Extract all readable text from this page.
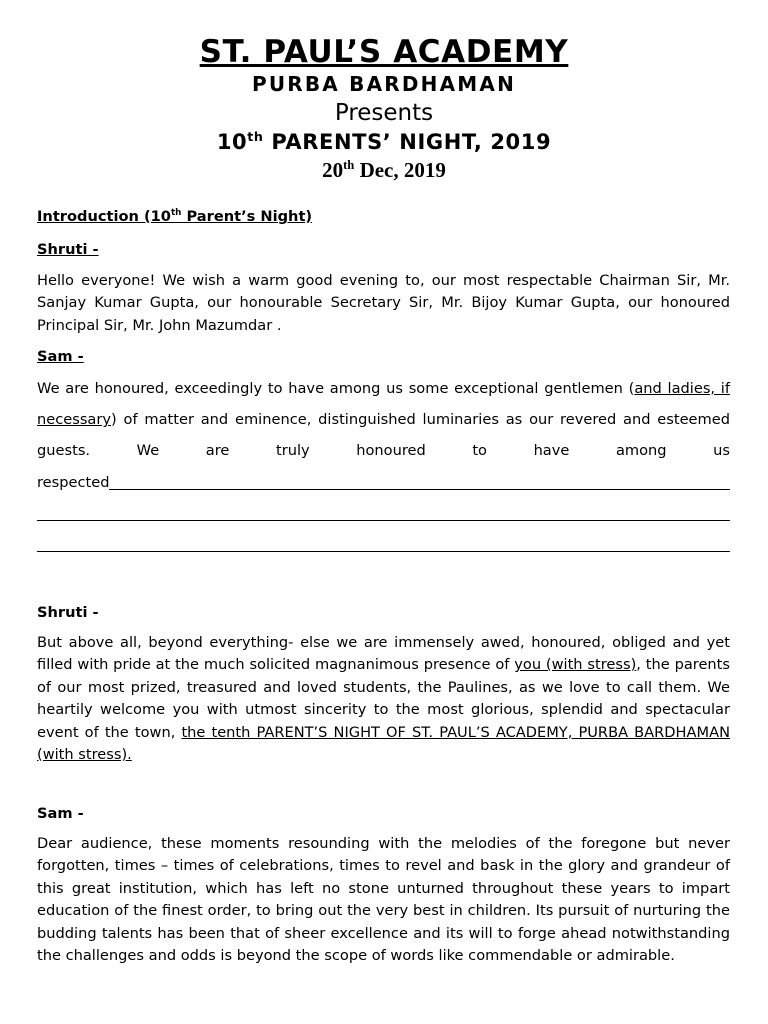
ST. PAUL’S ACADEMY
PURBA BARDHAMAN
Presents
10th PARENTS’ NIGHT, 2019
20th Dec, 2019
Introduction (10th Parent’s Night)
Shruti -
Hello everyone! We wish a warm good evening to, our most respectable Chairman Sir, Mr. Sanjay Kumar Gupta, our honourable Secretary Sir, Mr. Bijoy Kumar Gupta, our honoured Principal Sir, Mr. John Mazumdar .
Sam -
We are honoured, exceedingly to have among us some exceptional gentlemen (and ladies, if
necessary) of matter and eminence, distinguished luminaries as our revered and esteemed
guests.	We	are	truly	honoured	to	have	among	us
respected
Shruti -
But above all, beyond everything- else we are immensely awed, honoured, obliged and yet filled with pride at the much solicited magnanimous presence of you (with stress), the parents of our most prized, treasured and loved students, the Paulines, as we love to call them. We heartily welcome you with utmost sincerity to the most glorious, splendid and spectacular event of the town, the tenth PARENT’S NIGHT OF ST. PAUL’S ACADEMY, PURBA BARDHAMAN (with stress).
Sam -
Dear audience, these moments resounding with the melodies of the foregone but never forgotten, times – times of celebrations, times to revel and bask in the glory and grandeur of this great institution, which has left no stone unturned throughout these years to impart education of the finest order, to bring out the very best in children. Its pursuit of nurturing the budding talents has been that of sheer excellence and its will to forge ahead notwithstanding the challenges and odds is beyond the scope of words like commendable or admirable.
